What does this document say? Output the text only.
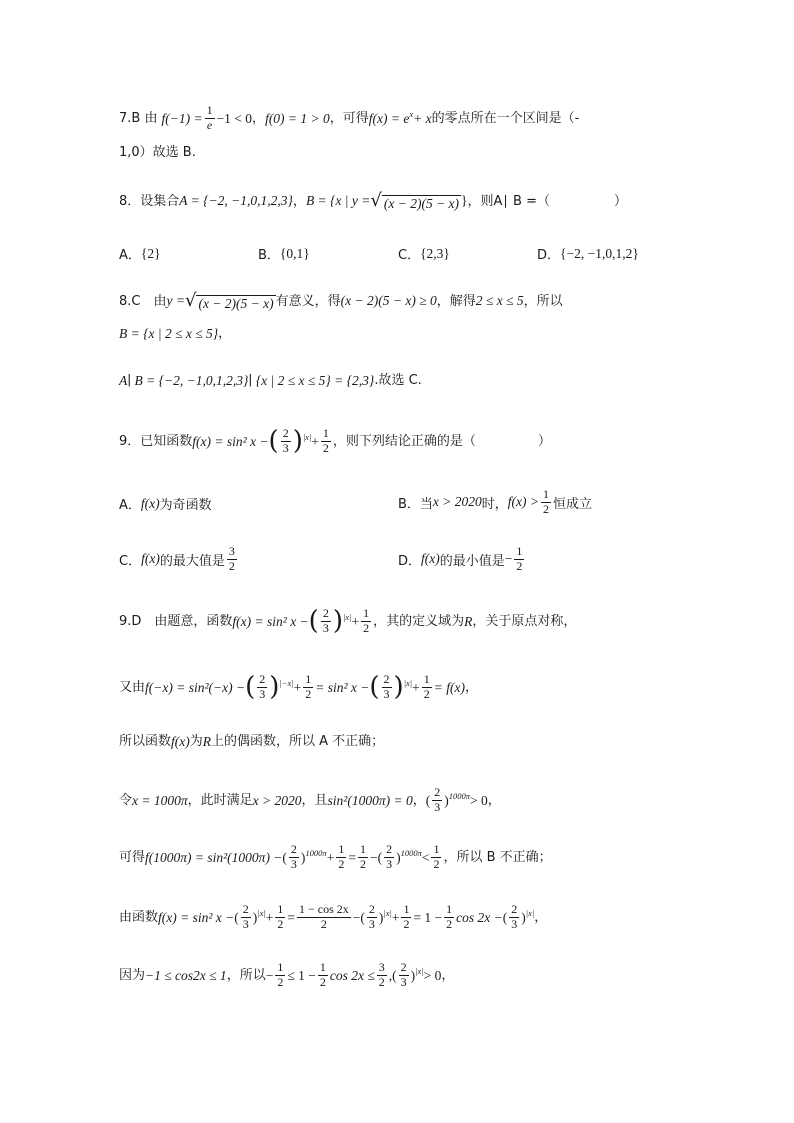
7.B 由 $f(-1) = \frac{1}{e} -1 < 0$ ， f(0) = 1 > 0 ，可得 f(x) = e x + x 的零点所在一个区间是（-
1,0）故选 B.
8．设集合 A = {−2, −1,0,1,2,3} ， B = {x | y = √ (x − 2)(5 − x) } ，则A∣ B =（	）
A． {2}	B． {0,1}	C． {2,3}	D． {−2, −1,0,1,2}
8.C　由 y = √ (x − 2)(5 − x) 有意义，得 (x − 2)(5 − x) ≥ 0 ，解得 2 ≤ x ≤ 5 ，所以
B = {x | 2 ≤ x ≤ 5} ，
A∣ B = {−2, −1,0,1,2,3}∣ {x | 2 ≤ x ≤ 5} = {2,3} .故选 C.
9．已知函数 f(x) = sin² x − ( $\frac{2}{3}$ ) $|x| + \frac{1}{2}$ ，则下列结论正确的是（	）
A． f(x) 为奇函数	B．当 x > 2020 时， $f(x) > \frac{1}{2}$ 恒成立
C． f(x) 的最大值是 $\frac{3}{2}$	D． f(x) 的最小值是 − $\frac{1}{2}$
9.D　由题意，函数 f(x) = sin² x − ( $\frac{2}{3}$ ) $|x| + \frac{1}{2}$ ，其的定义域为 R ，关于原点对称，
又由 f(−x) = sin²(−x) − ( $\frac{2}{3}$ ) $|-x| + \frac{1}{2} = \sin^2$ x − ( $\frac{2}{3}$ ) $|x| + \frac{1}{2} = f(x)$ ，
所以函数 f(x) 为 R 上的偶函数，所以 A 不正确；
令 x = 1000π ，此时满足 x > 2020 ，且 sin²(1000π) = 0 ， ( $\frac{2}{3}$ ) 1000π > 0 ，
可得 f(1000π) = sin²(1000π) − ( $\frac{2}{3}$ ) $1000\pi + \frac{1}{2} = \frac{1}{2}$ − ( $\frac{2}{3}$ ) $1000\pi < \frac{1}{2}$ ，所以 B 不正确；
由函数 f(x) = sin² x − ( $\frac{2}{3}$ ) $|x| + \frac{1}{2} = \frac{1 - \cos 2x}{2}$ − ( $\frac{2}{3}$ ) $|x| + \frac{1}{2} = 1 - \frac{1}{2}$ cos 2x − ( $\frac{2}{3}$ ) |x| ，
因为 −1 ≤ cos2x ≤ 1 ，所以 − $\frac{1}{2} \le 1 - \frac{1}{2}$ $\cos 2x \le \frac{3}{2}$ ,( $\frac{2}{3}$ ) |x| > 0 ，
